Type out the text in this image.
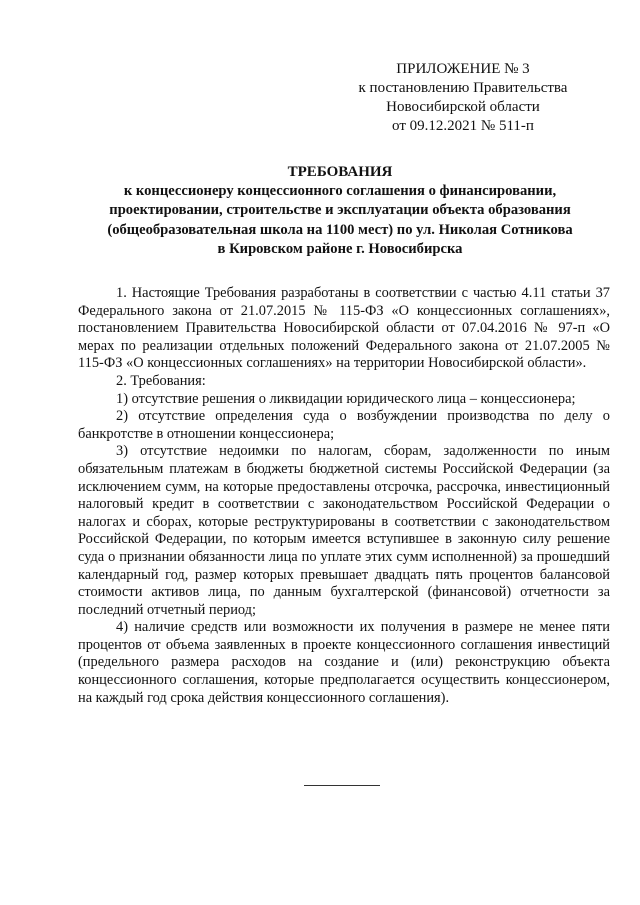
ПРИЛОЖЕНИЕ № 3
к постановлению Правительства
Новосибирской области
от 09.12.2021 № 511-п
ТРЕБОВАНИЯ
к концессионеру концессионного соглашения о финансировании,
проектировании, строительстве и эксплуатации объекта образования
(общеобразовательная школа на 1100 мест) по ул. Николая Сотникова
в Кировском районе г. Новосибирска

1. Настоящие Требования разработаны в соответствии с частью 4.11 статьи 37 Федерального закона от 21.07.2015 № 115-ФЗ «О концессионных соглашениях», постановлением Правительства Новосибирской области от 07.04.2016 № 97-п «О мерах по реализации отдельных положений Федерального закона от 21.07.2005 № 115-ФЗ «О концессионных соглашениях» на территории Новосибирской области».

2. Требования:

1) отсутствие решения о ликвидации юридического лица – концессионера;

2) отсутствие определения суда о возбуждении производства по делу о банкротстве в отношении концессионера;

3) отсутствие недоимки по налогам, сборам, задолженности по иным обязательным платежам в бюджеты бюджетной системы Российской Федерации (за исключением сумм, на которые предоставлены отсрочка, рассрочка, инвестиционный налоговый кредит в соответствии с законодательством Российской Федерации о налогах и сборах, которые реструктурированы в соответствии с законодательством Российской Федерации, по которым имеется вступившее в законную силу решение суда о признании обязанности лица по уплате этих сумм исполненной) за прошедший календарный год, размер которых превышает двадцать пять процентов балансовой стоимости активов лица, по данным бухгалтерской (финансовой) отчетности за последний отчетный период;

4) наличие средств или возможности их получения в размере не менее пяти процентов от объема заявленных в проекте концессионного соглашения инвестиций (предельного размера расходов на создание и (или) реконструкцию объекта концессионного соглашения, которые предполагается осуществить концессионером, на каждый год срока действия концессионного соглашения).
